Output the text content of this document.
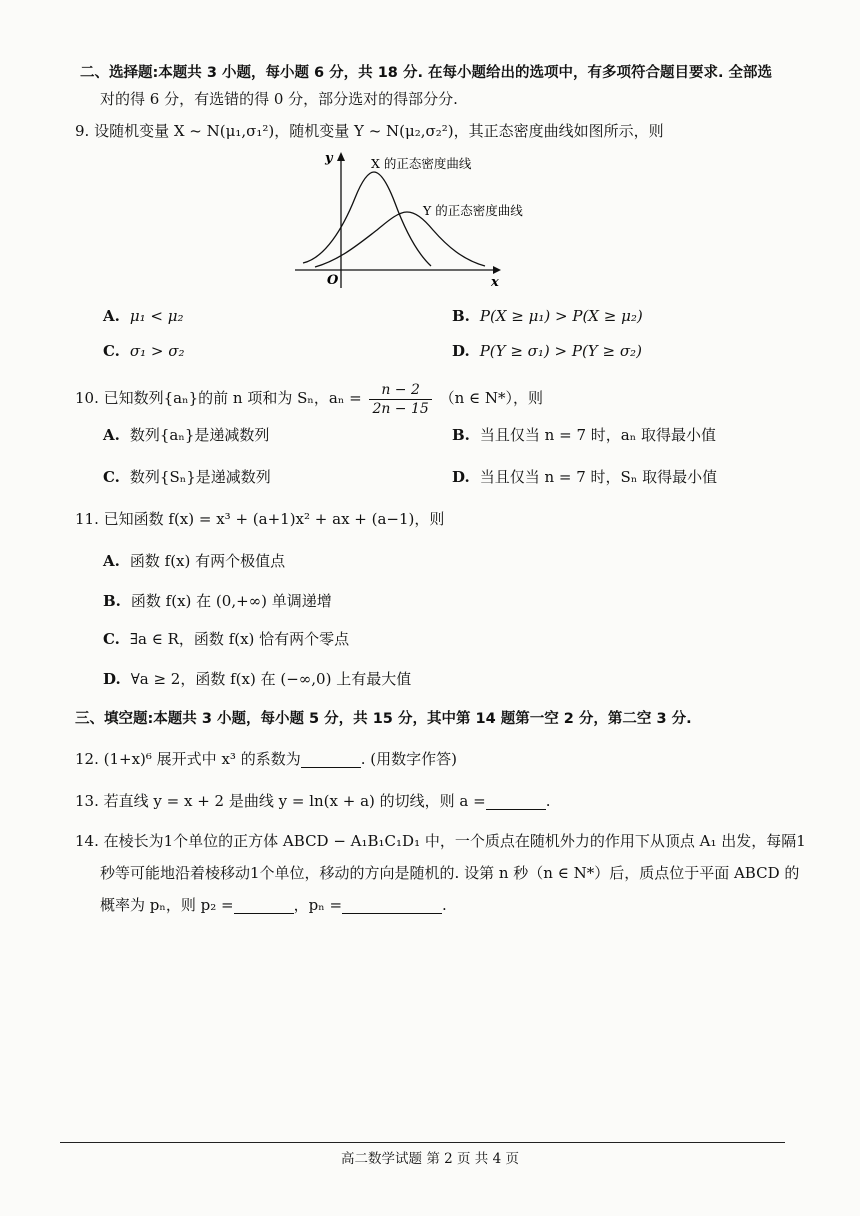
二、选择题:本题共 3 小题，每小题 6 分，共 18 分. 在每小题给出的选项中，有多项符合题目要求. 全部选
对的得 6 分，有选错的得 0 分，部分选对的得部分分.
9. 设随机变量 X ~ N(μ₁,σ₁²)，随机变量 Y ~ N(μ₂,σ₂²)，其正态密度曲线如图所示，则
y
x
O
X 的正态密度曲线
Y 的正态密度曲线
A. μ₁ < μ₂	B. P(X ≥ μ₁) > P(X ≥ μ₂)
C. σ₁ > σ₂	D. P(Y ≥ σ₁) > P(Y ≥ σ₂)
10. 已知数列{aₙ}的前 n 项和为 Sₙ，$a_n = \frac{n - 2}{2n - 15} (n$ ∈ N*），则
A. 数列{aₙ}是递减数列	B. 当且仅当 n = 7 时，aₙ 取得最小值
C. 数列{Sₙ}是递减数列	D. 当且仅当 n = 7 时，Sₙ 取得最小值
11. 已知函数 f(x) = x³ + (a+1)x² + ax + (a−1)，则
A. 函数 f(x) 有两个极值点
B. 函数 f(x) 在 (0,+∞) 单调递增
C. ∃a ∈ R，函数 f(x) 恰有两个零点
D. ∀a ≥ 2，函数 f(x) 在 (−∞,0) 上有最大值
三、填空题:本题共 3 小题，每小题 5 分，共 15 分，其中第 14 题第一空 2 分，第二空 3 分.
12. (1+x)⁶ 展开式中 x³ 的系数为	. (用数字作答)
13. 若直线 y = x + 2 是曲线 y = ln(x + a) 的切线，则 a =	.
14. 在棱长为1个单位的正方体 ABCD − A₁B₁C₁D₁ 中，一个质点在随机外力的作用下从顶点 A₁ 出发，每隔1
秒等可能地沿着棱移动1个单位，移动的方向是随机的. 设第 n 秒（n ∈ N*）后，质点位于平面 ABCD 的
概率为 pₙ，则 p₂ =	，pₙ =	.
高二数学试题 第 2 页 共 4 页
